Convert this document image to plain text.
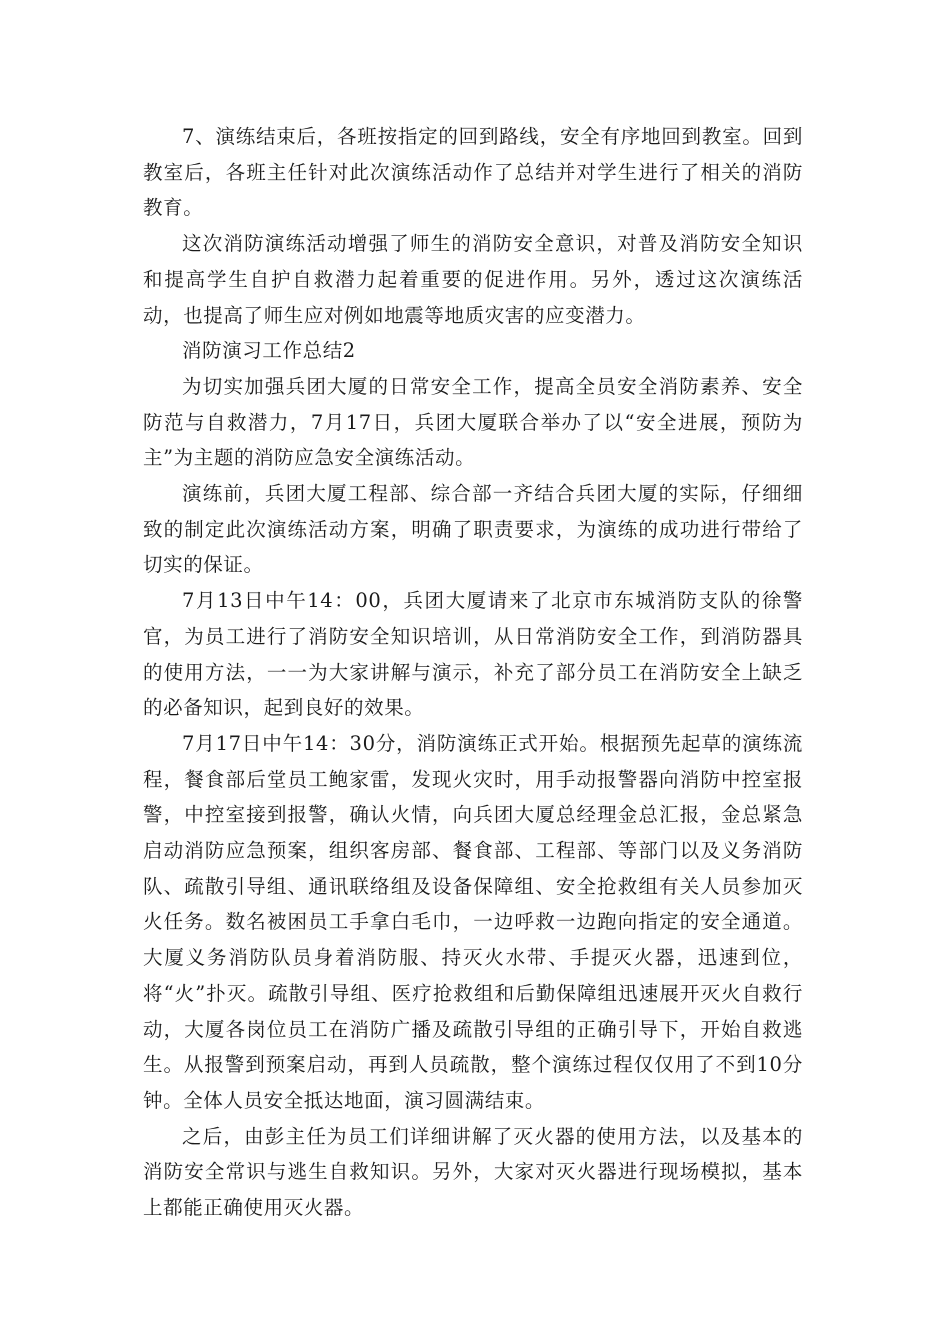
7、演练结束后，各班按指定的回到路线，安全有序地回到教室。回到教室后，各班主任针对此次演练活动作了总结并对学生进行了相关的消防教育。

这次消防演练活动增强了师生的消防安全意识，对普及消防安全知识和提高学生自护自救潜力起着重要的促进作用。另外，透过这次演练活动，也提高了师生应对例如地震等地质灾害的应变潜力。

消防演习工作总结2

为切实加强兵团大厦的日常安全工作，提高全员安全消防素养、安全防范与自救潜力，7月17日，兵团大厦联合举办了以“安全进展，预防为主”为主题的消防应急安全演练活动。

演练前，兵团大厦工程部、综合部一齐结合兵团大厦的实际，仔细细致的制定此次演练活动方案，明确了职责要求，为演练的成功进行带给了切实的保证。

7月13日中午14：00，兵团大厦请来了北京市东城消防支队的徐警官，为员工进行了消防安全知识培训，从日常消防安全工作，到消防器具的使用方法，一一为大家讲解与演示，补充了部分员工在消防安全上缺乏的必备知识，起到良好的效果。

7月17日中午14：30分，消防演练正式开始。根据预先起草的演练流程，餐食部后堂员工鲍家雷，发现火灾时，用手动报警器向消防中控室报警，中控室接到报警，确认火情，向兵团大厦总经理金总汇报，金总紧急启动消防应急预案，组织客房部、餐食部、工程部、等部门以及义务消防队、疏散引导组、通讯联络组及设备保障组、安全抢救组有关人员参加灭火任务。数名被困员工手拿白毛巾，一边呼救一边跑向指定的安全通道。大厦义务消防队员身着消防服、持灭火水带、手提灭火器，迅速到位，将“火”扑灭。疏散引导组、医疗抢救组和后勤保障组迅速展开灭火自救行动，大厦各岗位员工在消防广播及疏散引导组的正确引导下，开始自救逃生。从报警到预案启动，再到人员疏散，整个演练过程仅仅用了不到10分钟。全体人员安全抵达地面，演习圆满结束。

之后，由彭主任为员工们详细讲解了灭火器的使用方法，以及基本的消防安全常识与逃生自救知识。另外，大家对灭火器进行现场模拟，基本上都能正确使用灭火器。
